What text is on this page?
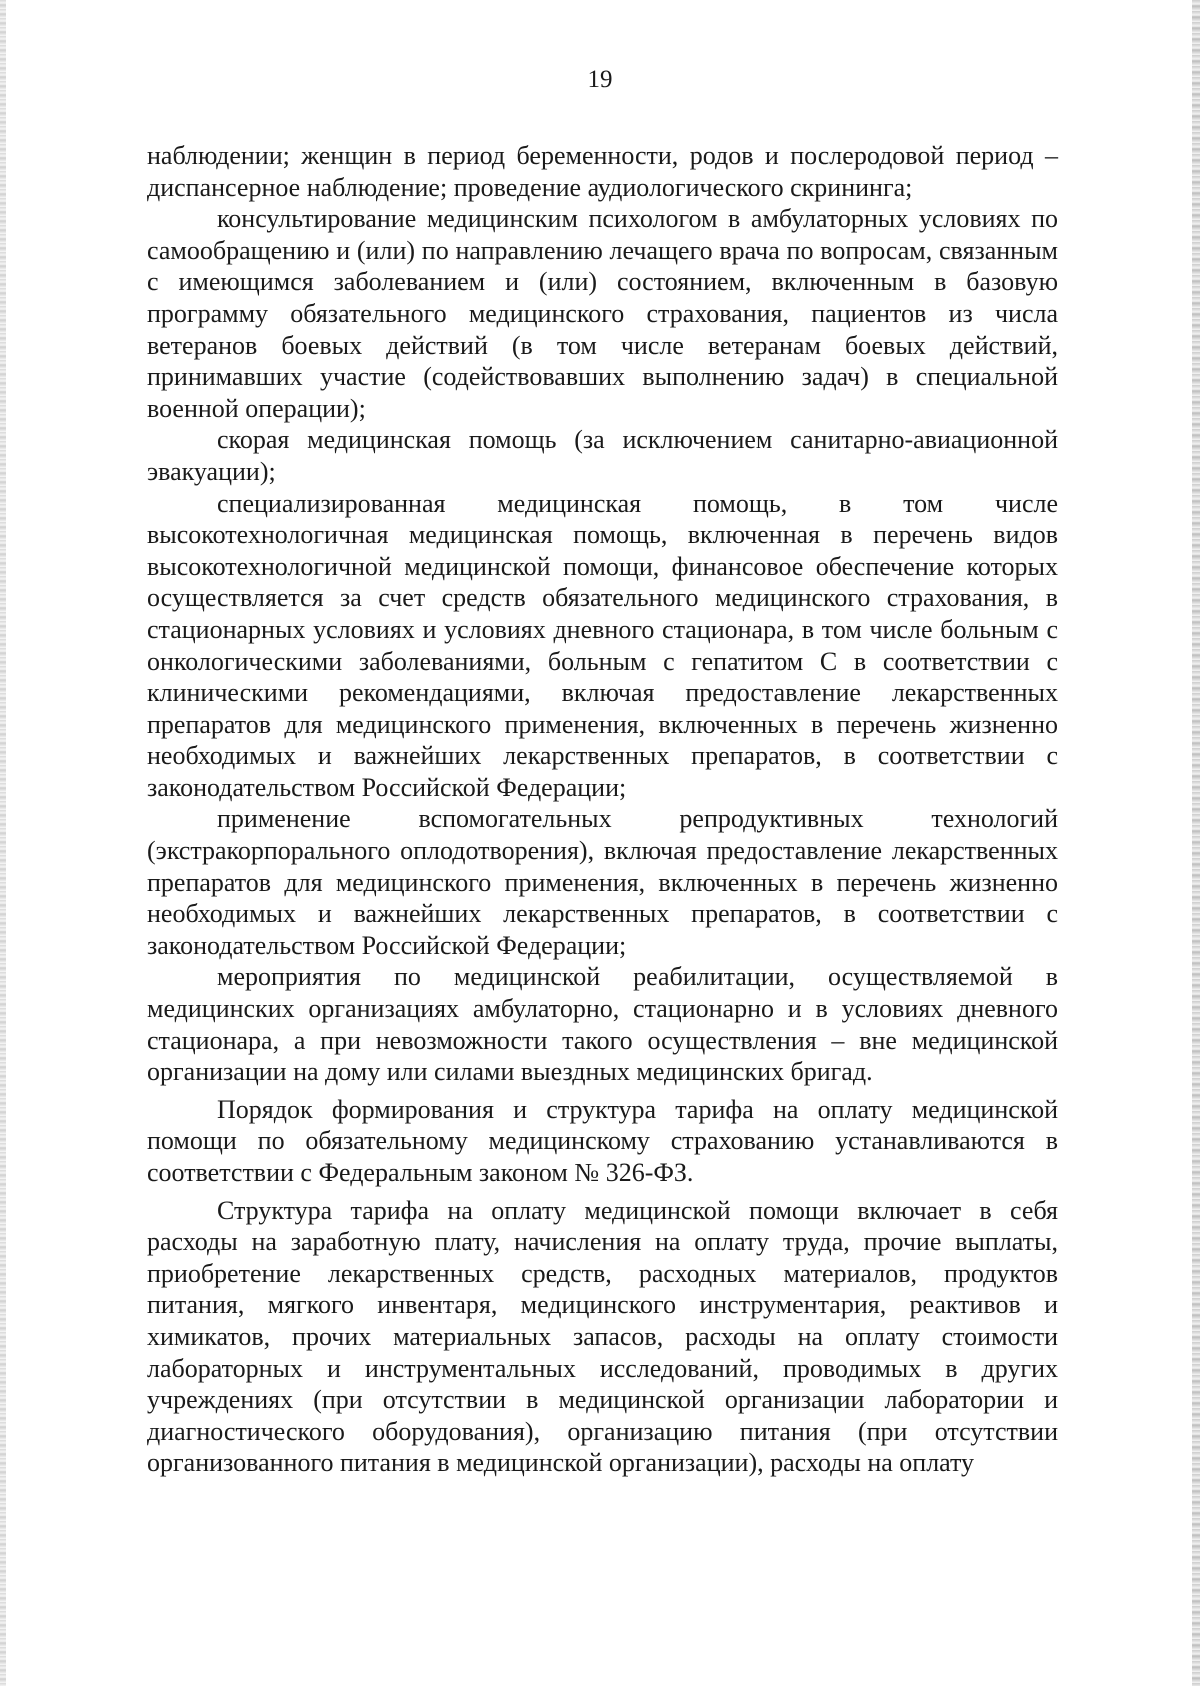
19

наблюдении; женщин в период беременности, родов и послеродовой период – диспансерное наблюдение; проведение аудиологического скрининга;

консультирование медицинским психологом в амбулаторных условиях по самообращению и (или) по направлению лечащего врача по вопросам, связанным с имеющимся заболеванием и (или) состоянием, включенным в базовую программу обязательного медицинского страхования, пациентов из числа ветеранов боевых действий (в том числе ветеранам боевых действий, принимавших участие (содействовавших выполнению задач) в специальной военной операции);

скорая медицинская помощь (за исключением санитарно-авиационной эвакуации);

специализированная медицинская помощь, в том числе высокотехнологичная медицинская помощь, включенная в перечень видов высокотехнологичной медицинской помощи, финансовое обеспечение которых осуществляется за счет средств обязательного медицинского страхования, в стационарных условиях и условиях дневного стационара, в том числе больным с онкологическими заболеваниями, больным с гепатитом С в соответствии с клиническими рекомендациями, включая предоставление лекарственных препаратов для медицинского применения, включенных в перечень жизненно необходимых и важнейших лекарственных препаратов, в соответствии с законодательством Российской Федерации;

применение вспомогательных репродуктивных технологий (экстракорпорального оплодотворения), включая предоставление лекарственных препаратов для медицинского применения, включенных в перечень жизненно необходимых и важнейших лекарственных препаратов, в соответствии с законодательством Российской Федерации;

мероприятия по медицинской реабилитации, осуществляемой в медицинских организациях амбулаторно, стационарно и в условиях дневного стационара, а при невозможности такого осуществления – вне медицинской организации на дому или силами выездных медицинских бригад.

Порядок формирования и структура тарифа на оплату медицинской помощи по обязательному медицинскому страхованию устанавливаются в соответствии с Федеральным законом № 326-ФЗ.

Структура тарифа на оплату медицинской помощи включает в себя расходы на заработную плату, начисления на оплату труда, прочие выплаты, приобретение лекарственных средств, расходных материалов, продуктов питания, мягкого инвентаря, медицинского инструментария, реактивов и химикатов, прочих материальных запасов, расходы на оплату стоимости лабораторных и инструментальных исследований, проводимых в других учреждениях (при отсутствии в медицинской организации лаборатории и диагностического оборудования), организацию питания (при отсутствии организованного питания в медицинской организации), расходы на оплату
